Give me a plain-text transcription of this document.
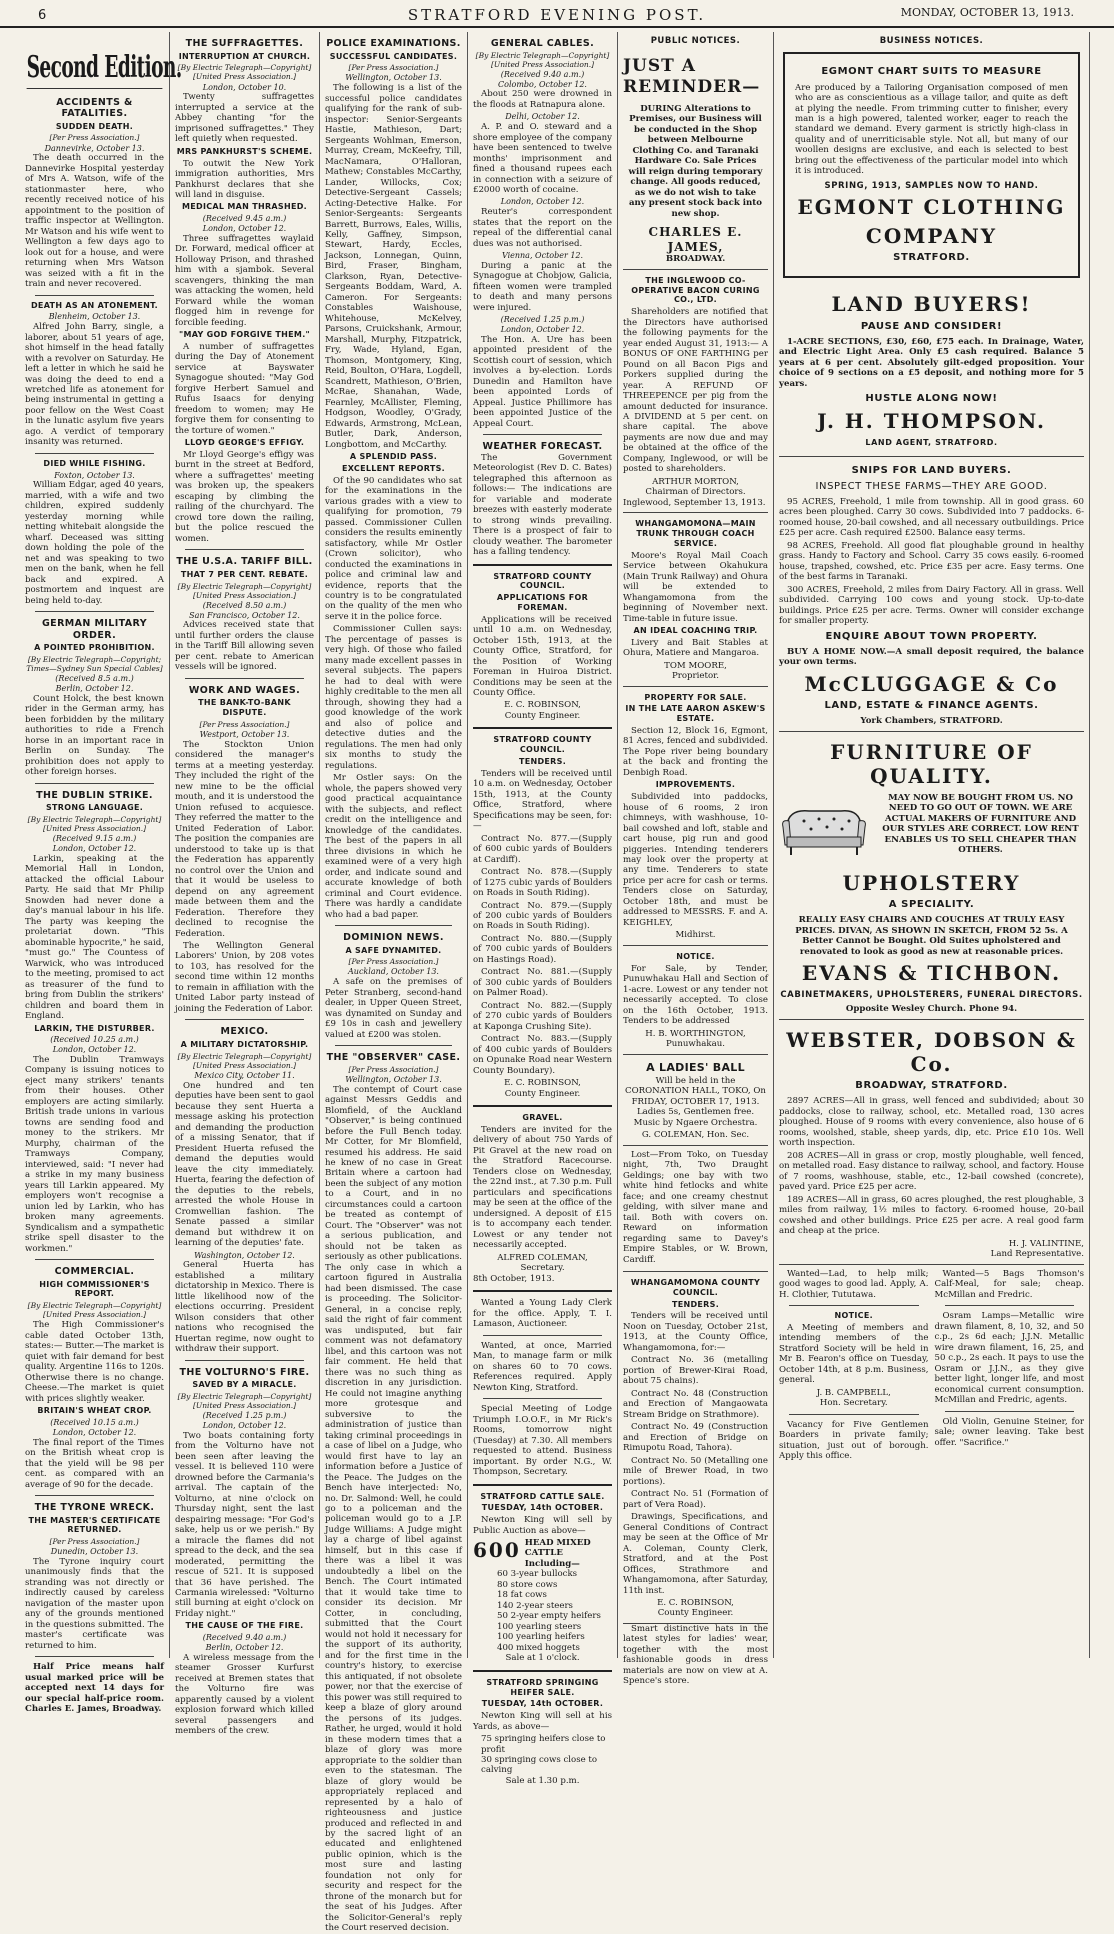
6	STRATFORD EVENING POST.	MONDAY, OCTOBER 13, 1913.
Second Edition.
ACCIDENTS & FATALITIES.
SUDDEN DEATH.
[Per Press Association.]
Dannevirke, October 13.

The death occurred in the Dannevirke Hospital yesterday of Mrs A. Watson, wife of the stationmaster here, who recently received notice of his appointment to the position of traffic inspector at Wellington. Mr Watson and his wife went to Wellington a few days ago to look out for a house, and were returning when Mrs Watson was seized with a fit in the train and never recovered.

DEATH AS AN ATONEMENT.
Blenheim, October 13.

Alfred John Barry, single, a laborer, about 51 years of age, shot himself in the head fatally with a revolver on Saturday. He left a letter in which he said he was doing the deed to end a wretched life as atonement for being instrumental in getting a poor fellow on the West Coast in the lunatic asylum five years ago. A verdict of temporary insanity was returned.

DIED WHILE FISHING.
Foxton, October 13.

William Edgar, aged 40 years, married, with a wife and two children, expired suddenly yesterday morning while netting whitebait alongside the wharf. Deceased was sitting down holding the pole of the net and was speaking to two men on the bank, when he fell back and expired. A postmortem and inquest are being held to-day.

GERMAN MILITARY ORDER.
A POINTED PROHIBITION.
[By Electric Telegraph—Copyright; Times—Sydney Sun Special Cables]
(Received 8.5 a.m.)
Berlin, October 12.

Count Holck, the best known rider in the German army, has been forbidden by the military authorities to ride a French horse in an important race in Berlin on Sunday. The prohibition does not apply to other foreign horses.

THE DUBLIN STRIKE.
STRONG LANGUAGE.
[By Electric Telegraph—Copyright] [United Press Association.]
(Received 9.15 a.m.)
London, October 12.

Larkin, speaking at the Memorial Hall in London, attacked the official Labour Party. He said that Mr Philip Snowden had never done a day's manual labour in his life. The party was keeping the proletariat down. "This abominable hypocrite," he said, "must go." The Countess of Warwick, who was introduced to the meeting, promised to act as treasurer of the fund to bring from Dublin the strikers' children and board them in England.

LARKIN, THE DISTURBER.
(Received 10.25 a.m.)
London, October 12.

The Dublin Tramways Company is issuing notices to eject many strikers' tenants from their houses. Other employers are acting similarly. British trade unions in various towns are sending food and money to the strikers. Mr Murphy, chairman of the Tramways Company, interviewed, said: "I never had a strike in my many business years till Larkin appeared. My employers won't recognise a union led by Larkin, who has broken many agreements. Syndicalism and a sympathetic strike spell disaster to the workmen."

COMMERCIAL.
HIGH COMMISSIONER'S REPORT.
[By Electric Telegraph—Copyright] [United Press Association.]

The High Commissioner's cable dated October 13th, states:— Butter.—The market is quiet with fair demand for best quality. Argentine 116s to 120s. Otherwise there is no change. Cheese.—The market is quiet with prices slightly weaker.

BRITAIN'S WHEAT CROP.
(Received 10.15 a.m.)
London, October 12.

The final report of the Times on the British wheat crop is that the yield will be 98 per cent. as compared with an average of 90 for the decade.

THE TYRONE WRECK.
THE MASTER'S CERTIFICATE RETURNED.
[Per Press Association.]
Dunedin, October 13.

The Tyrone inquiry court unanimously finds that the stranding was not directly or indirectly caused by careless navigation of the master upon any of the grounds mentioned in the questions submitted. The master's certificate was returned to him.

Half Price means half usual marked price will be accepted next 14 days for our special half-price room. Charles E. James, Broadway.

THE SUFFRAGETTES.
INTERRUPTION AT CHURCH.
[By Electric Telegraph—Copyright] [United Press Association.]
London, October 10.

Twenty suffragettes interrupted a service at the Abbey chanting "for the imprisoned suffragettes." They left quietly when requested.

MRS PANKHURST'S SCHEME.

To outwit the New York immigration authorities, Mrs Pankhurst declares that she will land in disguise.

MEDICAL MAN THRASHED.
(Received 9.45 a.m.)
London, October 12.

Three suffragettes waylaid Dr. Forward, medical officer at Holloway Prison, and thrashed him with a sjambok. Several scavengers, thinking the man was attacking the women, held Forward while the woman flogged him in revenge for forcible feeding.

"MAY GOD FORGIVE THEM."

A number of suffragettes during the Day of Atonement service at Bayswater Synagogue shouted: "May God forgive Herbert Samuel and Rufus Isaacs for denying freedom to women; may He forgive them for consenting to the torture of women."

LLOYD GEORGE'S EFFIGY.

Mr Lloyd George's effigy was burnt in the street at Bedford, where a suffragettes' meeting was broken up, the speakers escaping by climbing the railing of the churchyard. The crowd tore down the railing, but the police rescued the women.

THE U.S.A. TARIFF BILL.
THAT 7 PER CENT. REBATE.
[By Electric Telegraph—Copyright] [United Press Association.]
(Received 8.50 a.m.)
San Francisco, October 12.

Advices received state that until further orders the clause in the Tariff Bill allowing seven per cent. rebate to American vessels will be ignored.

WORK AND WAGES.
THE BANK-TO-BANK DISPUTE.
[Per Press Association.]
Westport, October 13.

The Stockton Union considered the manager's terms at a meeting yesterday. They included the right of the new mine to be the official mouth, and it is understood the Union refused to acquiesce. They referred the matter to the United Federation of Labor. The position the companies are understood to take up is that the Federation has apparently no control over the Union and that it would be useless to depend on any agreement made between them and the Federation. Therefore they declined to recognise the Federation.

The Wellington General Laborers' Union, by 208 votes to 103, has resolved for the second time within 12 months to remain in affiliation with the United Labor party instead of joining the Federation of Labor.

MEXICO.
A MILITARY DICTATORSHIP.
[By Electric Telegraph—Copyright] [United Press Association.]
Mexico City, October 11.

One hundred and ten deputies have been sent to gaol because they sent Huerta a message asking his protection and demanding the production of a missing Senator, that if President Huerta refused the demand the deputies would leave the city immediately. Huerta, fearing the defection of the deputies to the rebels, arrested the whole House in Cromwellian fashion. The Senate passed a similar demand but withdrew it on learning of the deputies' fate.

Washington, October 12.

General Huerta has established a military dictatorship in Mexico. There is little likelihood now of the elections occurring. President Wilson considers that other nations who recognised the Huertan regime, now ought to withdraw their support.

THE VOLTURNO'S FIRE.
SAVED BY A MIRACLE.
[By Electric Telegraph—Copyright] [United Press Association.]
(Received 1.25 p.m.)
London, October 12.

Two boats containing forty from the Volturno have not been seen after leaving the vessel. It is believed 110 were drowned before the Carmania's arrival. The captain of the Volturno, at nine o'clock on Thursday night, sent the last despairing message: "For God's sake, help us or we perish." By a miracle the flames did not spread to the deck, and the sea moderated, permitting the rescue of 521. It is supposed that 36 have perished. The Carmania wirelessed: "Volturno still burning at eight o'clock on Friday night."

THE CAUSE OF THE FIRE.
(Received 9.40 a.m.)
Berlin, October 12.

A wireless message from the steamer Grosser Kurfurst received at Bremen states that the Volturno fire was apparently caused by a violent explosion forward which killed several passengers and members of the crew.

POLICE EXAMINATIONS.
SUCCESSFUL CANDIDATES.
[Per Press Association.]
Wellington, October 13.

The following is a list of the successful police candidates qualifying for the rank of sub-inspector: Senior-Sergeants Hastie, Mathieson, Dart; Sergeants Wohlman, Emerson, Murray, Cream, McKeefry, Till, MacNamara, O'Halloran, Mathew; Constables McCarthy, Lander, Willocks, Cox; Detective-Sergeant Cassels; Acting-Detective Halke. For Senior-Sergeants: Sergeants Barrett, Burrows, Eales, Willis, Kelly, Gaffney, Simpson, Stewart, Hardy, Eccles, Jackson, Lonnegan, Quinn, Bird, Fraser, Bingham, Clarkson, Ryan, Detective-Sergeants Boddam, Ward, A. Cameron. For Sergeants: Constables Waishouse, Whitehouse, McKelvey, Parsons, Cruickshank, Armour, Marshall, Murphy, Fitzpatrick, Fry, Wade, Hyland, Egan, Thomson, Montgomery, King, Reid, Boulton, O'Hara, Logdell, Scandrett, Mathieson, O'Brien, McRae, Shanahan, Wade, Fearnley, McAllister, Fleming, Hodgson, Woodley, O'Grady, Edwards, Armstrong, McLean, Butler, Dark, Anderson, Longbottom, and McCarthy.

A SPLENDID PASS.
EXCELLENT REPORTS.

Of the 90 candidates who sat for the examinations in the various grades with a view to qualifying for promotion, 79 passed. Commissioner Cullen considers the results eminently satisfactory, while Mr Ostler (Crown solicitor), who conducted the examinations in police and criminal law and evidence, reports that the country is to be congratulated on the quality of the men who serve it in the police force.

Commissioner Cullen says: The percentage of passes is very high. Of those who failed many made excellent passes in several subjects. The papers he had to deal with were highly creditable to the men all through, showing they had a good knowledge of the work and also of police and detective duties and the regulations. The men had only six months to study the regulations.

Mr Ostler says: On the whole, the papers showed very good practical acquaintance with the subjects, and reflect credit on the intelligence and knowledge of the candidates. The best of the papers in all three divisions in which he examined were of a very high order, and indicate sound and accurate knowledge of both criminal and Court evidence. There was hardly a candidate who had a bad paper.

DOMINION NEWS.
A SAFE DYNAMITED.
[Per Press Association.]
Auckland, October 13.

A safe on the premises of Peter Stranberg, second-hand dealer, in Upper Queen Street, was dynamited on Sunday and £9 10s in cash and jewellery valued at £200 was stolen.

THE "OBSERVER" CASE.
[Per Press Association.]
Wellington, October 13.

The contempt of Court case against Messrs Geddis and Blomfield, of the Auckland "Observer," is being continued before the Full Bench today. Mr Cotter, for Mr Blomfield, resumed his address. He said he knew of no case in Great Britain where a cartoon had been the subject of any motion to a Court, and in no circumstances could a cartoon be treated as contempt of Court. The "Observer" was not a serious publication, and should not be taken as seriously as other publications. The only case in which a cartoon figured in Australia had been dismissed. The case is proceeding. The Solicitor-General, in a concise reply, said the right of fair comment was undisputed, but fair comment was not defamatory libel, and this cartoon was not fair comment. He held that there was no such thing as discretion in any jurisdiction. He could not imagine anything more grotesque and subversive to the administration of justice than taking criminal proceedings in a case of libel on a Judge, who would first have to lay an information before a Justice of the Peace. The Judges on the Bench have interjected: No, no. Dr. Salmond: Well, he could go to a policeman and the policeman would go to a J.P. Judge Williams: A Judge might lay a charge of libel against himself, but in this case if there was a libel it was undoubtedly a libel on the Bench. The Court intimated that it would take time to consider its decision. Mr Cotter, in concluding, submitted that the Court would not hold it necessary for the support of its authority, and for the first time in the country's history, to exercise this antiquated, if not obsolete power, nor that the exercise of this power was still required to keep a blaze of glory around the persons of its judges. Rather, he urged, would it hold in these modern times that a blaze of glory was more appropriate to the soldier than even to the statesman. The blaze of glory would be appropriately replaced and represented by a halo of righteousness and justice produced and reflected in and by the sacred light of an educated and enlightened public opinion, which is the most sure and lasting foundation not only for security and respect for the throne of the monarch but for the seat of his Judges. After the Solicitor-General's reply the Court reserved decision.

GENERAL CABLES.
[By Electric Telegraph—Copyright] [United Press Association.]
(Received 9.40 a.m.)
Colombo, October 12.

About 250 were drowned in the floods at Ratnapura alone.

Delhi, October 12.

A. P. and O. steward and a shore employee of the company have been sentenced to twelve months' imprisonment and fined a thousand rupees each in connection with a seizure of £2000 worth of cocaine.

London, October 12.

Reuter's correspondent states that the report on the repeal of the differential canal dues was not authorised.

Vienna, October 12.

During a panic at the Synagogue at Chobjow, Galicia, fifteen women were trampled to death and many persons were injured.

(Received 1.25 p.m.)
London, October 12.

The Hon. A. Ure has been appointed president of the Scottish court of session, which involves a by-election. Lords Dunedin and Hamilton have been appointed Lords of Appeal. Justice Phillimore has been appointed Justice of the Appeal Court.

WEATHER FORECAST.

The Government Meteorologist (Rev D. C. Bates) telegraphed this afternoon as follows:— The indications are for variable and moderate breezes with easterly moderate to strong winds prevailing. There is a prospect of fair to cloudy weather. The barometer has a falling tendency.

STRATFORD COUNTY COUNCIL.
APPLICATIONS FOR FOREMAN.

Applications will be received until 10 a.m. on Wednesday, October 15th, 1913, at the County Office, Stratford, for the Position of Working Foreman in Huiroa District. Conditions may be seen at the County Office.

E. C. ROBINSON,
County Engineer.
STRATFORD COUNTY COUNCIL.
TENDERS.

Tenders will be received until 10 a.m. on Wednesday, October 15th, 1913, at the County Office, Stratford, where Specifications may be seen, for:—

Contract No. 877.—(Supply of 600 cubic yards of Boulders at Cardiff).

Contract No. 878.—(Supply of 1275 cubic yards of Boulders on Roads in South Riding).

Contract No. 879.—(Supply of 200 cubic yards of Boulders on Roads in South Riding).

Contract No. 880.—(Supply of 700 cubic yards of Boulders on Hastings Road).

Contract No. 881.—(Supply of 300 cubic yards of Boulders on Palmer Road).

Contract No. 882.—(Supply of 270 cubic yards of Boulders at Kaponga Crushing Site).

Contract No. 883.—(Supply of 400 cubic yards of Boulders on Opunake Road near Western County Boundary).

E. C. ROBINSON,
County Engineer.
GRAVEL.

Tenders are invited for the delivery of about 750 Yards of Pit Gravel at the new road on the Stratford Racecourse. Tenders close on Wednesday, the 22nd inst., at 7.30 p.m. Full particulars and specifications may be seen at the office of the undersigned. A deposit of £15 is to accompany each tender. Lowest or any tender not necessarily accepted.

ALFRED COLEMAN,
Secretary.
8th October, 1913.

Wanted a Young Lady Clerk for the office. Apply, T. I. Lamason, Auctioneer.

Wanted, at once, Married Man, to manage farm or milk on shares 60 to 70 cows. References required. Apply Newton King, Stratford.

Special Meeting of Lodge Triumph I.O.O.F., in Mr Rick's Rooms, tomorrow night (Tuesday) at 7.30. All members requested to attend. Business important. By order N.G., W. Thompson, Secretary.

STRATFORD CATTLE SALE.
TUESDAY, 14th OCTOBER.

Newton King will sell by Public Auction as above—

600 HEAD MIXED CATTLE Including—
60 3-year bullocks
80 store cows
18 fat cows
140 2-year steers
50 2-year empty heifers
100 yearling steers
100 yearling heifers
400 mixed hoggets
Sale at 1 o'clock.
STRATFORD SPRINGING HEIFER SALE.
TUESDAY, 14th OCTOBER.

Newton King will sell at his Yards, as above—

75 springing heifers close to profit
30 springing cows close to calving
Sale at 1.30 p.m.
PUBLIC NOTICES.
JUST A REMINDER—

DURING Alterations to Premises, our Business will be conducted in the Shop between Melbourne Clothing Co. and Taranaki Hardware Co. Sale Prices will reign during temporary change. All goods reduced, as we do not wish to take any present stock back into new shop.

CHARLES E. JAMES,
BROADWAY.
THE INGLEWOOD CO-OPERATIVE BACON CURING CO., LTD.

Shareholders are notified that the Directors have authorised the following payments for the year ended August 31, 1913:— A BONUS OF ONE FARTHING per Pound on all Bacon Pigs and Porkers supplied during the year. A REFUND OF THREEPENCE per pig from the amount deducted for insurance. A DIVIDEND at 5 per cent. on share capital. The above payments are now due and may be obtained at the office of the Company, Inglewood, or will be posted to shareholders.

ARTHUR MORTON,
Chairman of Directors.
Inglewood, September 13, 1913.
WHANGAMOMONA—MAIN TRUNK THROUGH COACH SERVICE.

Moore's Royal Mail Coach Service between Okahukura (Main Trunk Railway) and Ohura will be extended to Whangamomona from the beginning of November next. Time-table in future issue.

AN IDEAL COACHING TRIP.

Livery and Bait Stables at Ohura, Matiere and Mangaroa.

TOM MOORE,
Proprietor.
PROPERTY FOR SALE.
IN THE LATE AARON ASKEW'S ESTATE.

Section 12, Block 16, Egmont, 81 Acres, fenced and subdivided. The Pope river being boundary at the back and fronting the Denbigh Road.

IMPROVEMENTS.

Subdivided into paddocks, house of 6 rooms, 2 iron chimneys, with washhouse, 10-bail cowshed and loft, stable and cart house, pig run and good piggeries. Intending tenderers may look over the property at any time. Tenderers to state price per acre for cash or terms. Tenders close on Saturday, October 18th, and must be addressed to MESSRS. F. and A. KEIGHLEY,

Midhirst.
NOTICE.

For Sale, by Tender, Punuwhakau Hall and Section of 1-acre. Lowest or any tender not necessarily accepted. To close on the 16th October, 1913. Tenders to be addressed

H. B. WORTHINGTON,
Punuwhakau.
A LADIES' BALL

Will be held in the CORONATION HALL, TOKO, On FRIDAY, OCTOBER 17, 1913. Ladies 5s, Gentlemen free. Music by Ngaere Orchestra.

G. COLEMAN, Hon. Sec.

Lost—From Toko, on Tuesday night, 7th, Two Draught Geldings; one bay with two white hind fetlocks and white face; and one creamy chestnut gelding, with silver mane and tail. Both with covers on. Reward on information regarding same to Davey's Empire Stables, or W. Brown, Cardiff.

WHANGAMOMONA COUNTY COUNCIL.
TENDERS.

Tenders will be received until Noon on Tuesday, October 21st, 1913, at the County Office, Whangamomona, for:—

Contract No. 36 (metalling portion of Brewer-Kirai Road, about 75 chains).

Contract No. 48 (Construction and Erection of Mangaowata Stream Bridge on Strathmore).

Contract No. 49 (Construction and Erection of Bridge on Rimupotu Road, Tahora).

Contract No. 50 (Metalling one mile of Brewer Road, in two portions).

Contract No. 51 (Formation of part of Vera Road).

Drawings, Specifications, and General Conditions of Contract may be seen at the Office of Mr A. Coleman, County Clerk, Stratford, and at the Post Offices, Strathmore and Whangamomona, after Saturday, 11th inst.

E. C. ROBINSON,
County Engineer.

Smart distinctive hats in the latest styles for ladies' wear, together with the most fashionable goods in dress materials are now on view at A. Spence's store.

BUSINESS NOTICES.
EGMONT CHART SUITS TO MEASURE

Are produced by a Tailoring Organisation composed of men who are as conscientious as a village tailor, and quite as deft at plying the needle. From trimming cutter to finisher, every man is a high powered, talented worker, eager to reach the standard we demand. Every garment is strictly high-class in quality and of unerriticisable style. Not all, but many of our woollen designs are exclusive, and each is selected to best bring out the effectiveness of the particular model into which it is introduced.

SPRING, 1913, SAMPLES NOW TO HAND.
EGMONT CLOTHING
COMPANY
STRATFORD.
LAND BUYERS!
PAUSE AND CONSIDER!

1-ACRE SECTIONS, £30, £60, £75 each. In Drainage, Water, and Electric Light Area. Only £5 cash required. Balance 5 years at 6 per cent. Absolutely gilt-edged proposition. Your choice of 9 sections on a £5 deposit, and nothing more for 5 years.

HUSTLE ALONG NOW!
J. H. THOMPSON.
LAND AGENT, STRATFORD.
SNIPS FOR LAND BUYERS.
INSPECT THESE FARMS—THEY ARE GOOD.

95 ACRES, Freehold, 1 mile from township. All in good grass. 60 acres been ploughed. Carry 30 cows. Subdivided into 7 paddocks. 6-roomed house, 20-bail cowshed, and all necessary outbuildings. Price £25 per acre. Cash required £2500. Balance easy terms.

98 ACRES, Freehold. All good flat ploughable ground in healthy grass. Handy to Factory and School. Carry 35 cows easily. 6-roomed house, trapshed, cowshed, etc. Price £35 per acre. Easy terms. One of the best farms in Taranaki.

300 ACRES, Freehold, 2 miles from Dairy Factory. All in grass. Well subdivided. Carrying 100 cows and young stock. Up-to-date buildings. Price £25 per acre. Terms. Owner will consider exchange for smaller property.

ENQUIRE ABOUT TOWN PROPERTY.

BUY A HOME NOW.—A small deposit required, the balance your own terms.

McCLUGGAGE & Co
LAND, ESTATE & FINANCE AGENTS.
York Chambers, STRATFORD.
FURNITURE OF QUALITY.

MAY NOW BE BOUGHT FROM US. NO NEED TO GO OUT OF TOWN. WE ARE ACTUAL MAKERS OF FURNITURE AND OUR STYLES ARE CORRECT. LOW RENT ENABLES US TO SELL CHEAPER THAN OTHERS.

UPHOLSTERY
A SPECIALITY.

REALLY EASY CHAIRS AND COUCHES AT TRULY EASY PRICES. DIVAN, AS SHOWN IN SKETCH, FROM 52 5s. A Better Cannot be Bought. Old Suites upholstered and renovated to look as good as new at reasonable prices.

EVANS & TICHBON.
CABINETMAKERS, UPHOLSTERERS, FUNERAL DIRECTORS.
Opposite Wesley Church. Phone 94.
WEBSTER, DOBSON & Co.
BROADWAY, STRATFORD.

2897 ACRES—All in grass, well fenced and subdivided; about 30 paddocks, close to railway, school, etc. Metalled road, 130 acres ploughed. House of 9 rooms with every convenience, also house of 6 rooms, woolshed, stable, sheep yards, dip, etc. Price £10 10s. Well worth inspection.

208 ACRES—All in grass or crop, mostly ploughable, well fenced, on metalled road. Easy distance to railway, school, and factory. House of 7 rooms, washhouse, stable, etc., 12-bail cowshed (concrete), paved yard. Price £25 per acre.

189 ACRES—All in grass, 60 acres ploughed, the rest ploughable, 3 miles from railway, 1½ miles to factory. 6-roomed house, 20-bail cowshed and other buildings. Price £25 per acre. A real good farm and cheap at the price.

H. J. VALINTINE,
Land Representative.

Wanted—Lad, to help milk; good wages to good lad. Apply, A. H. Clothier, Tututawa.

NOTICE.

A Meeting of members and intending members of the Stratford Society will be held in Mr B. Fearon's office on Tuesday, October 14th, at 8 p.m. Business, general.

J. B. CAMPBELL,
Hon. Secretary.

Vacancy for Five Gentlemen Boarders in private family; situation, just out of borough. Apply this office.

Wanted—5 Bags Thomson's Calf-Meal, for sale; cheap. McMillan and Fredric.

Osram Lamps—Metallic wire drawn filament, 8, 10, 32, and 50 c.p., 2s 6d each; J.J.N. Metallic wire drawn filament, 16, 25, and 50 c.p., 2s each. It pays to use the Osram or J.J.N., as they give better light, longer life, and most economical current consumption. McMillan and Fredric, agents.

Old Violin, Genuine Steiner, for sale; owner leaving. Take best offer. "Sacrifice."
